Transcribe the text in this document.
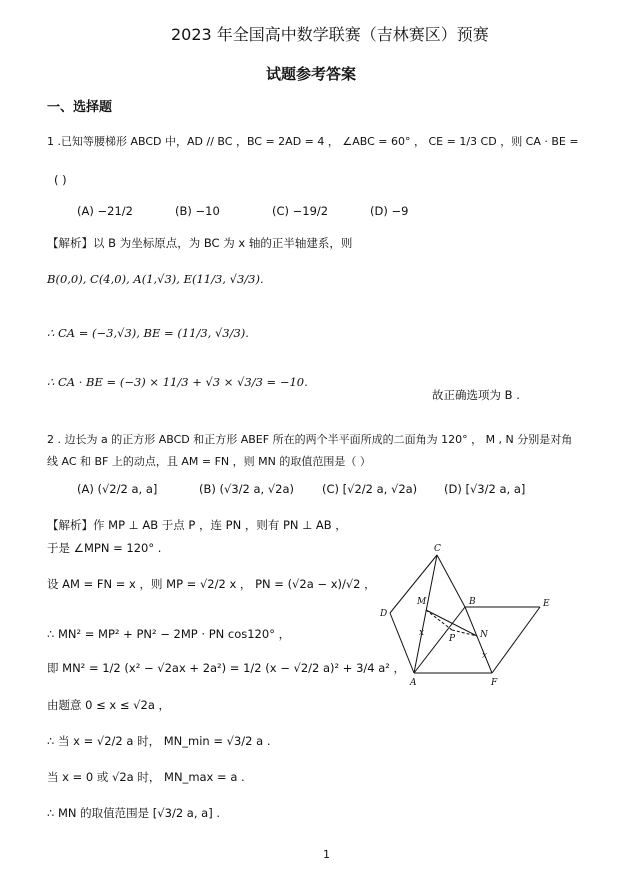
2023 年全国高中数学联赛（吉林赛区）预赛
试题参考答案
一、选择题
1 .已知等腰梯形 ABCD 中，AD // BC ，BC = 2AD = 4 ， ∠ABC = 60° ， CE = 1/3 CD ，则 CA · BE =
( )
(A) −21/2	(B) −10	(C) −19/2	(D) −9
【解析】以 B 为坐标原点，为 BC 为 x 轴的正半轴建系，则
B(0,0), C(4,0), A(1,√3), E(11/3, √3/3).
∴ CA = (−3,√3), BE = (11/3, √3/3).
∴ CA · BE = (−3) × 11/3 + √3 × √3/3 = −10.
故正确选项为 B .
2 . 边长为 a 的正方形 ABCD 和正方形 ABEF 所在的两个半平面所成的二面角为 120° ， M , N 分别是对角
线 AC 和 BF 上的动点，且 AM = FN ，则 MN 的取值范围是（ ）
(A) (√2/2 a, a]	(B) (√3/2 a, √2a) (C) [√2/2 a, √2a) (D) [√3/2 a, a]
【解析】作 MP ⊥ AB 于点 P ，连 PN ，则有 PN ⊥ AB ，
于是 ∠MPN = 120° .
设 AM = FN = x ，则 MP = √2/2 x ， PN = (√2a − x)/√2 ，
∴ MN² = MP² + PN² − 2MP · PN cos120° ，
即 MN² = 1/2 (x² − √2ax + 2a²) = 1/2 (x − √2/2 a)² + 3/4 a² ，
由题意 0 ≤ x ≤ √2a ，
∴ 当 x = √2/2 a 时， MN_min = √3/2 a .
当 x = 0 或 √2a 时， MN_max = a .
∴ MN 的取值范围是 [√3/2 a, a] .
C
B	E
D
M
N
P
A	F
x
x
1
